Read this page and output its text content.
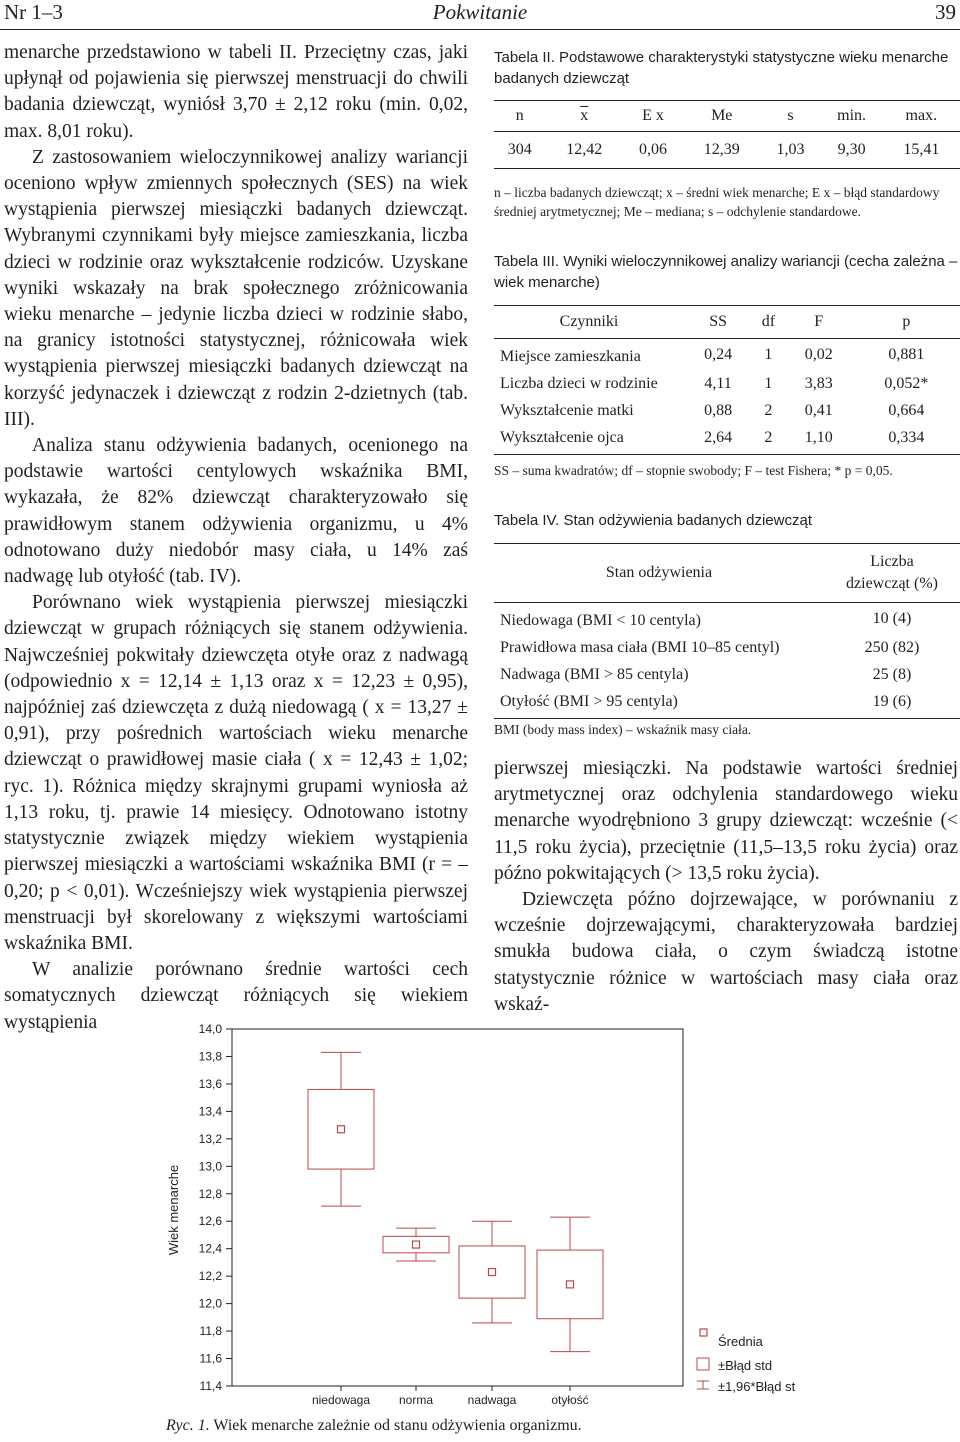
Nr 1–3	Pokwitanie	39

menarche przedstawiono w tabeli II. Przeciętny czas, jaki upłynął od pojawienia się pierwszej menstruacji do chwili badania dziewcząt, wyniósł 3,70 ± 2,12 roku (min. 0,02, max. 8,01 roku).

Z zastosowaniem wieloczynnikowej analizy wariancji oceniono wpływ zmiennych społecznych (SES) na wiek wystąpienia pierwszej miesiączki badanych dziewcząt. Wybranymi czynnikami były miejsce zamieszkania, liczba dzieci w rodzinie oraz wykształcenie rodziców. Uzyskane wyniki wskazały na brak społecznego zróżnicowania wieku menarche – jedynie liczba dzieci w rodzinie słabo, na granicy istotności statystycznej, różnicowała wiek wystąpienia pierwszej miesiączki badanych dziewcząt na korzyść jedynaczek i dziewcząt z rodzin 2-dzietnych (tab. III).

Analiza stanu odżywienia badanych, ocenionego na podstawie wartości centylowych wskaźnika BMI, wykazała, że 82% dziewcząt charakteryzowało się prawidłowym stanem odżywienia organizmu, u 4% odnotowano duży niedobór masy ciała, u 14% zaś nadwagę lub otyłość (tab. IV).

Porównano wiek wystąpienia pierwszej miesiączki dziewcząt w grupach różniących się stanem odżywienia. Najwcześniej pokwitały dziewczęta otyłe oraz z nadwagą (odpowiednio x = 12,14 ± 1,13 oraz x = 12,23 ± 0,95), najpóźniej zaś dziewczęta z dużą niedowagą ( x = 13,27 ± 0,91), przy pośrednich wartościach wieku menarche dziewcząt o prawidłowej masie ciała ( x = 12,43 ± 1,02; ryc. 1). Różnica między skrajnymi grupami wyniosła aż 1,13 roku, tj. prawie 14 miesięcy. Odnotowano istotny statystycznie związek między wiekiem wystąpienia pierwszej miesiączki a wartościami wskaźnika BMI (r = –0,20; p < 0,01). Wcześniejszy wiek wystąpienia pierwszej menstruacji był skorelowany z większymi wartościami wskaźnika BMI.

W analizie porównano średnie wartości cech somatycznych dziewcząt różniących się wiekiem wystąpienia

Tabela II. Podstawowe charakterystyki statystyczne wieku menarche badanych dziewcząt
n	$\overline{x}$	E x	Me	s	min.	max.
304	12,42	0,06	12,39	1,03	9,30	15,41
n – liczba badanych dziewcząt; x – średni wiek menarche; E x – błąd standardowy średniej arytmetycznej; Me – mediana; s – odchylenie standardowe.
Tabela III. Wyniki wieloczynnikowej analizy wariancji (cecha zależna – wiek menarche)
Czynniki	SS	df	F	p
Miejsce zamieszkania	0,24	1	0,02	0,881
Liczba dzieci w rodzinie	4,11	1	3,83	0,052*
Wykształcenie matki	0,88	2	0,41	0,664
Wykształcenie ojca	2,64	2	1,10	0,334
SS – suma kwadratów; df – stopnie swobody; F – test Fishera; * p = 0,05.
Tabela IV. Stan odżywienia badanych dziewcząt
Stan odżywienia	Liczba dziewcząt (%)
Niedowaga (BMI < 10 centyla)	10 (4)
Prawidłowa masa ciała (BMI 10–85 centyl)	250 (82)
Nadwaga (BMI > 85 centyla)	25 (8)
Otyłość (BMI > 95 centyla)	19 (6)
BMI (body mass index) – wskaźnik masy ciała.

pierwszej miesiączki. Na podstawie wartości średniej arytmetycznej oraz odchylenia standardowego wieku menarche wyodrębniono 3 grupy dziewcząt: wcześnie (< 11,5 roku życia), przeciętnie (11,5–13,5 roku życia) oraz późno pokwitających (> 13,5 roku życia).

Dziewczęta późno dojrzewające, w porównaniu z wcześnie dojrzewającymi, charakteryzowała bardziej smukła budowa ciała, o czym świadczą istotne statystycznie różnice w wartościach masy ciała oraz wskaź-

14,0
13,8
13,6
13,4
13,2
13,0
12,8
12,6
12,4
12,2
12,0
11,8
11,6
11,4
Wiek menarche
niedowaga norma	nadwaga	otyłość
Średnia
±Błąd std
±1,96*Błąd st
Ryc. 1. Wiek menarche zależnie od stanu odżywienia organizmu.
